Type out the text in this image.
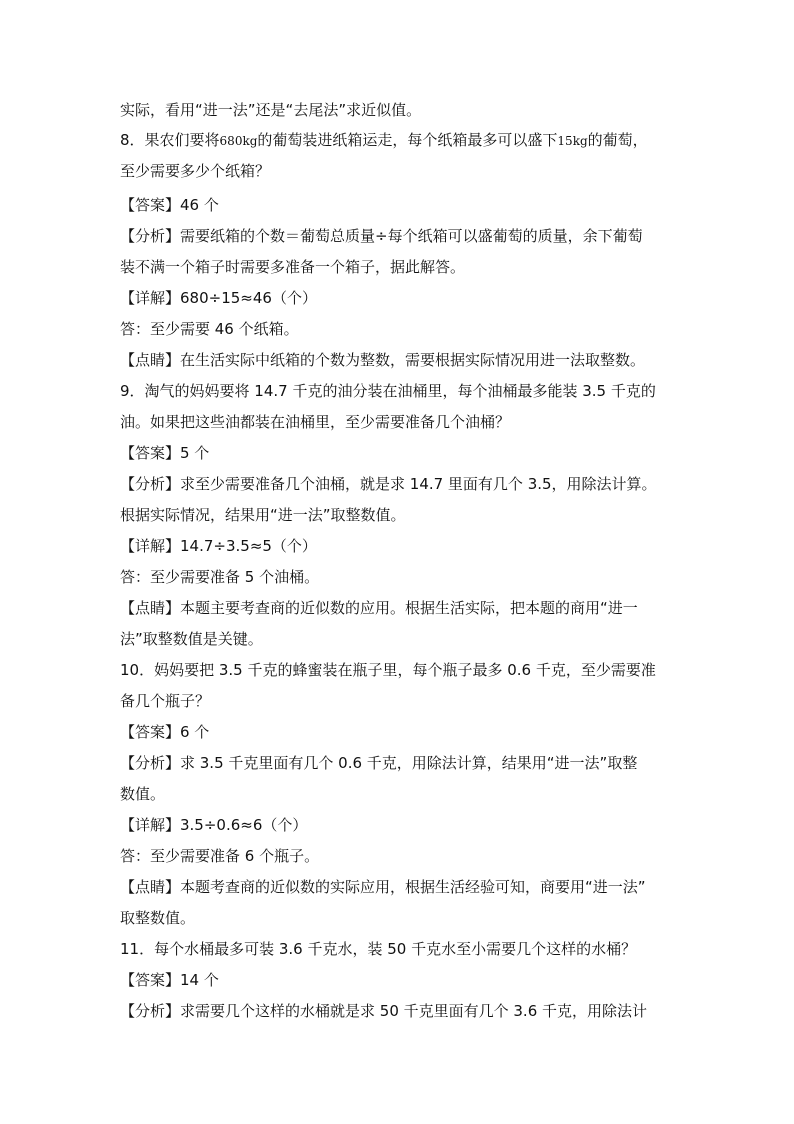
实际，看用“进一法”还是“去尾法”求近似值。
8．果农们要将680kg的葡萄装进纸箱运走，每个纸箱最多可以盛下15kg的葡萄，
至少需要多少个纸箱？
【答案】46 个
【分析】需要纸箱的个数＝葡萄总质量÷每个纸箱可以盛葡萄的质量，余下葡萄
装不满一个箱子时需要多准备一个箱子，据此解答。
【详解】680÷15≈46（个）
答：至少需要 46 个纸箱。
【点睛】在生活实际中纸箱的个数为整数，需要根据实际情况用进一法取整数。
9．淘气的妈妈要将 14.7 千克的油分装在油桶里，每个油桶最多能装 3.5 千克的
油。如果把这些油都装在油桶里，至少需要准备几个油桶？
【答案】5 个
【分析】求至少需要准备几个油桶，就是求 14.7 里面有几个 3.5，用除法计算。
根据实际情况，结果用“进一法”取整数值。
【详解】14.7÷3.5≈5（个）
答：至少需要准备 5 个油桶。
【点睛】本题主要考查商的近似数的应用。根据生活实际，把本题的商用“进一
法”取整数值是关键。
10．妈妈要把 3.5 千克的蜂蜜装在瓶子里，每个瓶子最多 0.6 千克，至少需要准
备几个瓶子？
【答案】6 个
【分析】求 3.5 千克里面有几个 0.6 千克，用除法计算，结果用“进一法”取整
数值。
【详解】3.5÷0.6≈6（个）
答：至少需要准备 6 个瓶子。
【点睛】本题考查商的近似数的实际应用，根据生活经验可知，商要用“进一法”
取整数值。
11．每个水桶最多可装 3.6 千克水，装 50 千克水至小需要几个这样的水桶？
【答案】14 个
【分析】求需要几个这样的水桶就是求 50 千克里面有几个 3.6 千克，用除法计
